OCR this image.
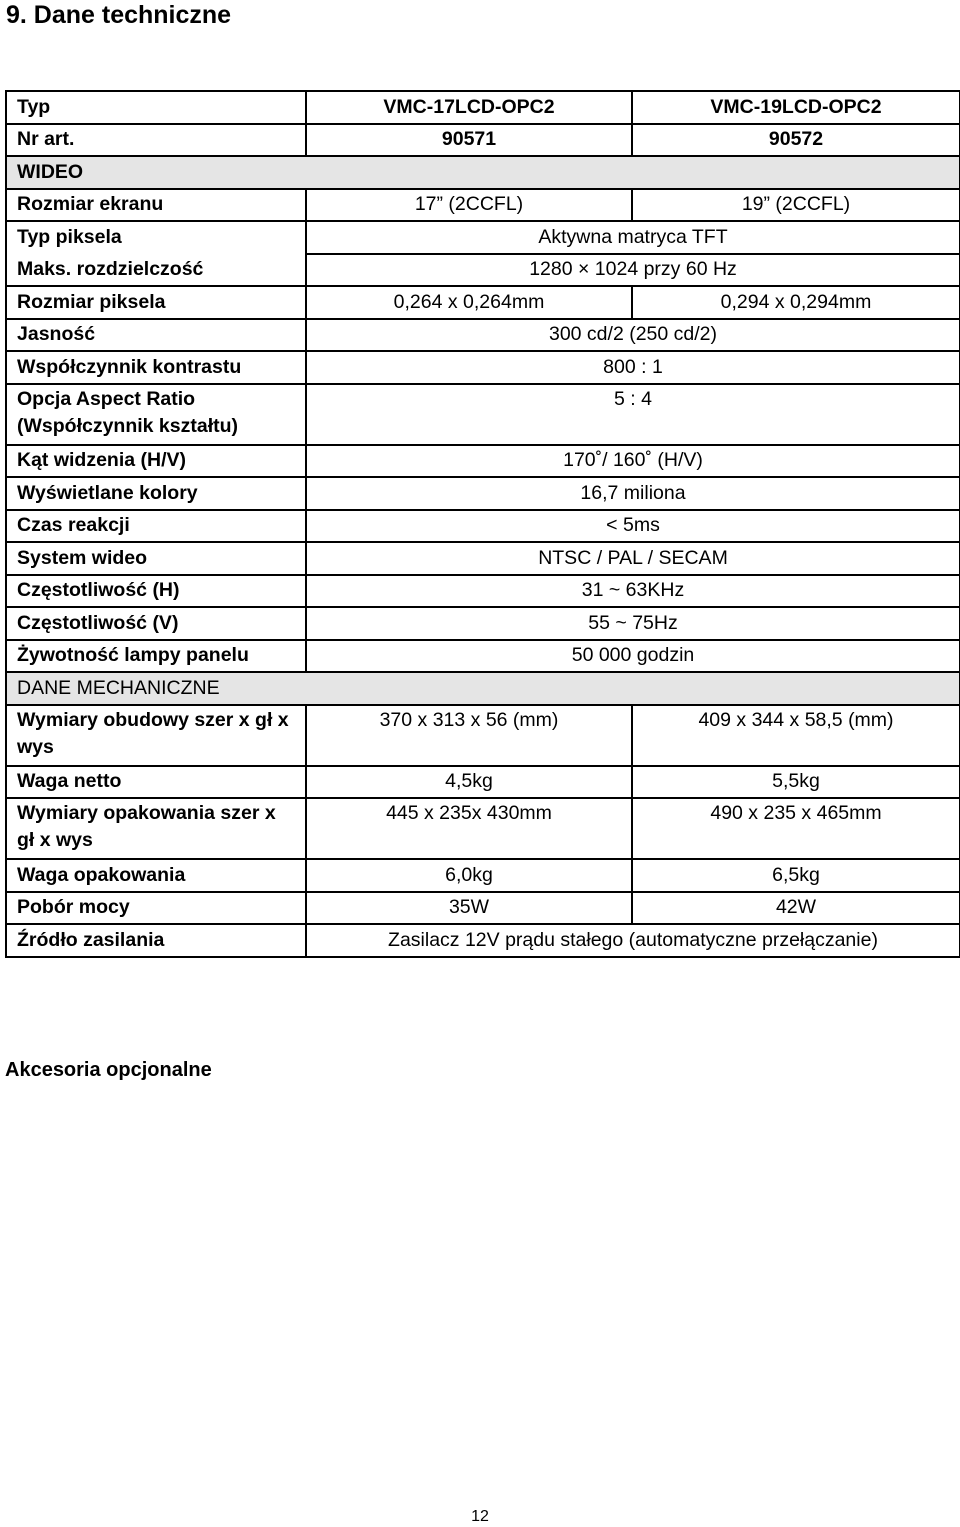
9. Dane techniczne
Typ	VMC-17LCD-OPC2	VMC-19LCD-OPC2
Nr art.	90571	90572
WIDEO		
Rozmiar ekranu	17” (2CCFL)	19” (2CCFL)
Typ piksela	Aktywna matryca TFT	
Maks. rozdzielczość	1280 × 1024 przy 60 Hz	
Rozmiar piksela	0,264 x 0,264mm	0,294 x 0,294mm
Jasność	300 cd/2 (250 cd/2)	
Współczynnik kontrastu	800 : 1	
Opcja Aspect Ratio (Współczynnik kształtu)	5 : 4	
Kąt widzenia (H/V)	170˚/ 160˚ (H/V)	
Wyświetlane kolory	16,7 miliona	
Czas reakcji	< 5ms	
System wideo	NTSC / PAL / SECAM	
Częstotliwość (H)	31 ~ 63KHz	
Częstotliwość (V)	55 ~ 75Hz	
Żywotność lampy panelu	50 000 godzin	
DANE MECHANICZNE		
Wymiary obudowy szer x gł x wys	370 x 313 x 56 (mm)	409 x 344 x 58,5 (mm)
Waga netto	4,5kg	5,5kg
Wymiary opakowania szer x gł x wys	445 x 235x 430mm	490 x 235 x 465mm
Waga opakowania	6,0kg	6,5kg
Pobór mocy	35W	42W
Źródło zasilania	Zasilacz 12V prądu stałego (automatyczne przełączanie)	
Akcesoria opcjonalne
12
